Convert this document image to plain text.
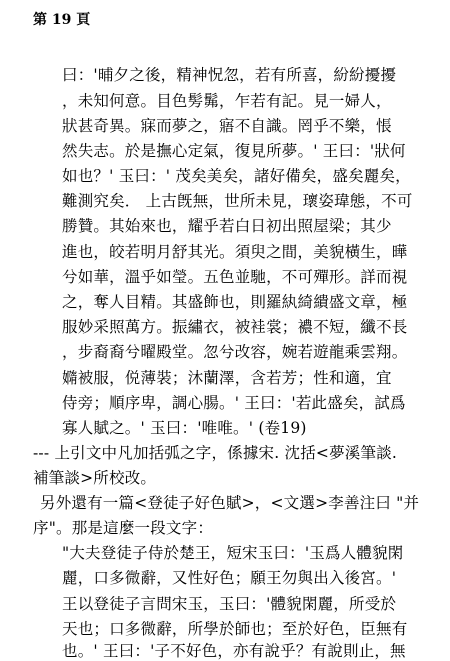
第 19 頁
曰：'晡夕之後，精神怳忽，若有所喜，紛紛擾擾
，未知何意。目色髣髴，乍若有記。見一婦人，
狀甚奇異。寐而夢之，寤不自識。罔乎不樂，悵
然失志。於是撫心定氣，復見所夢。' 王曰：'狀何
如也？' 玉曰：' 茂矣美矣，諸好備矣，盛矣麗矣，
難測究矣． 上古旣無，世所未見，瓌姿瑋態，不可
勝贊。其始來也，耀乎若白日初出照屋梁；其少
進也，皎若明月舒其光。須臾之間，美貌橫生，曄
兮如華，溫乎如瑩。五色並馳，不可殫形。詳而視
之，奪人目精。其盛飾也，則羅紈綺繢盛文章，極
服妙采照萬方。振繡衣，被袿裳；襛不短，纖不長
，步裔裔兮曜殿堂。忽兮改容，婉若遊龍乘雲翔。
嫷被服，侻薄裝；沐蘭澤，含若芳；性和適，宜
侍旁；順序卑，調心腸。' 王曰：'若此盛矣，試爲
寡人賦之。' 玉曰：'唯唯。' (卷19)
--- 上引文中凡加括弧之字，係據宋. 沈括<夢溪筆談.
補筆談>所校改。
另外還有一篇<登徒子好色賦>，<文選>李善注曰 "并
序"。那是這麼一段文字：
"大夫登徒子侍於楚王，短宋玉曰：'玉爲人體貌閑
麗，口多微辭，又性好色；願王勿與出入後宮。'
王以登徒子言問宋玉，玉曰：'體貌閑麗，所受於
天也；口多微辭，所學於師也；至於好色，臣無有
也。' 王曰：'子不好色，亦有說乎？有說則止，無
